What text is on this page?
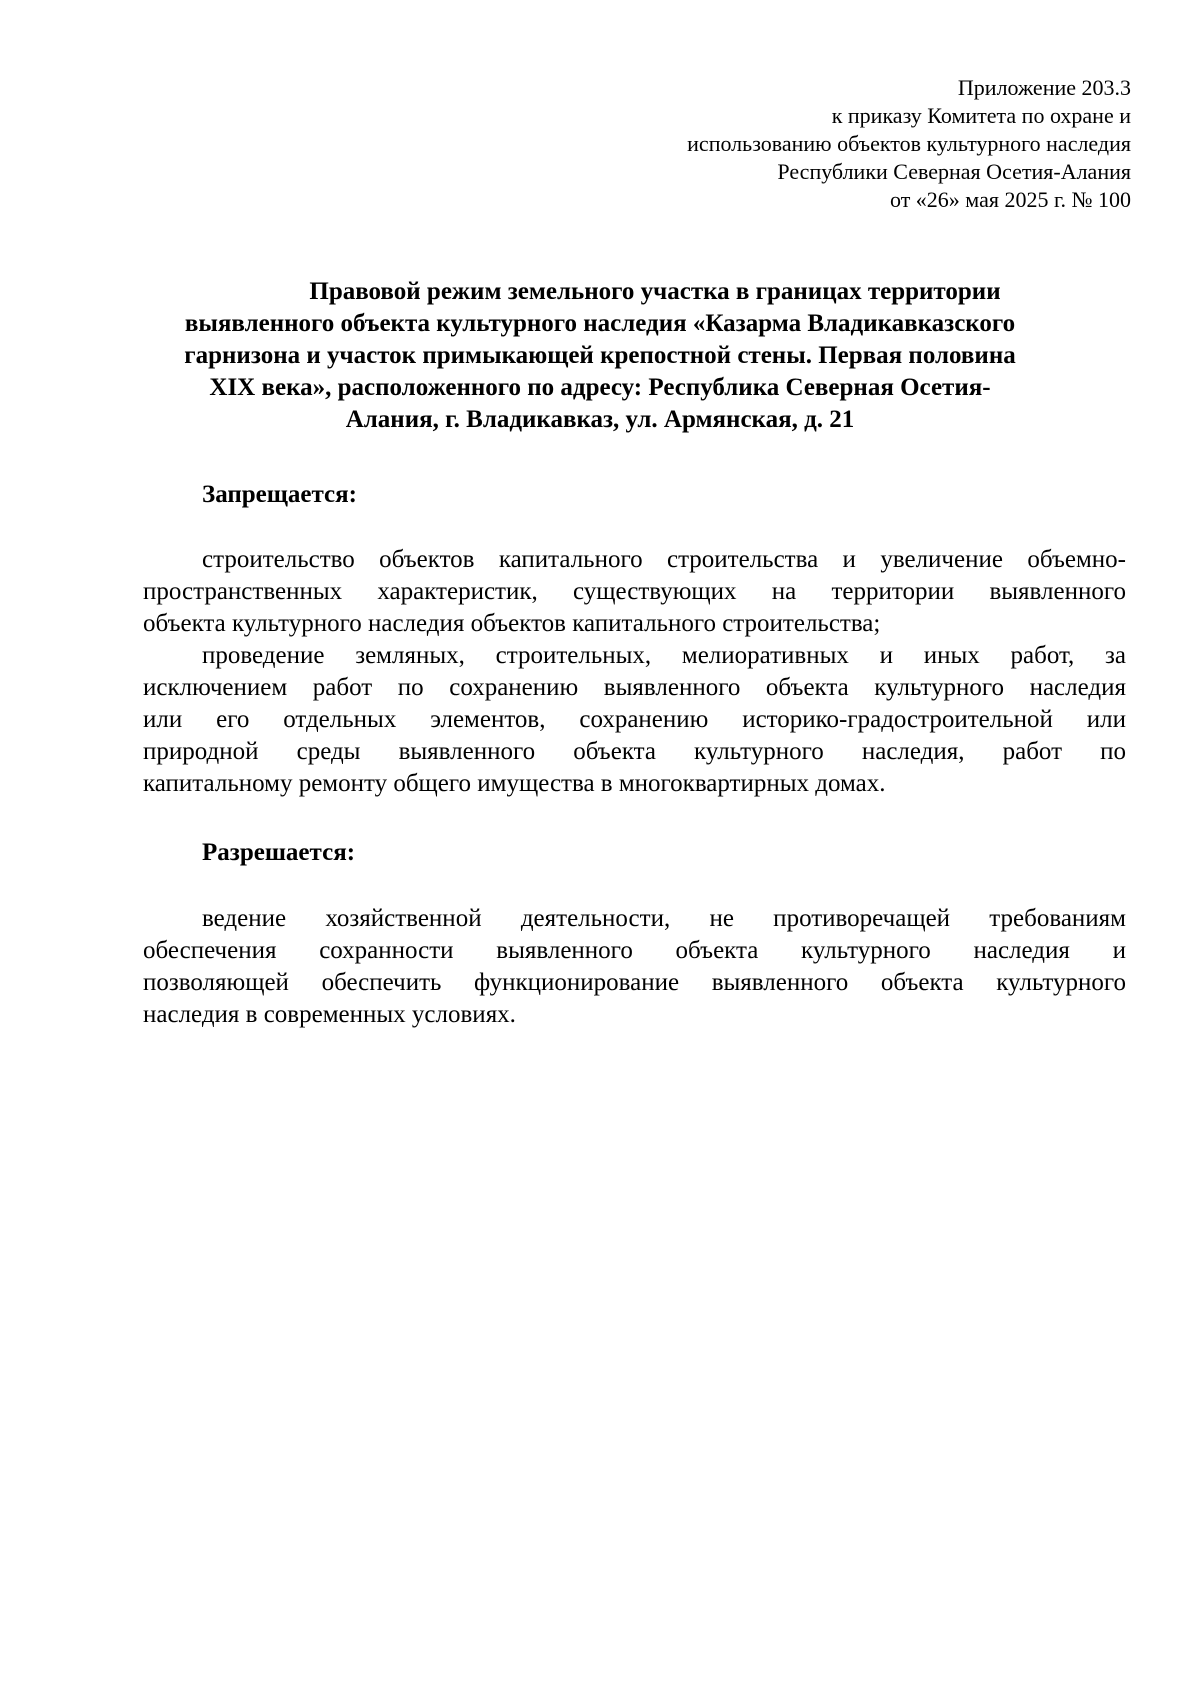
Приложение 203.3
к приказу Комитета по охране и
использованию объектов культурного наследия
Республики Северная Осетия-Алания
от «26» мая 2025 г. № 100
Правовой режим земельного участка в границах территории
выявленного объекта культурного наследия «Казарма Владикавказского
гарнизона и участок примыкающей крепостной стены. Первая половина
XIX века», расположенного по адресу: Республика Северная Осетия-
Алания, г. Владикавказ, ул. Армянская, д. 21
Запрещается:
строительство объектов капитального строительства и увеличение объемно-
пространственных характеристик, существующих на территории выявленного
объекта культурного наследия объектов капитального строительства;
проведение земляных, строительных, мелиоративных и иных работ, за
исключением работ по сохранению выявленного объекта культурного наследия
или его отдельных элементов, сохранению историко-градостроительной или
природной среды выявленного объекта культурного наследия, работ по
капитальному ремонту общего имущества в многоквартирных домах.
Разрешается:
ведение хозяйственной деятельности, не противоречащей требованиям
обеспечения сохранности выявленного объекта культурного наследия и
позволяющей обеспечить функционирование выявленного объекта культурного
наследия в современных условиях.
